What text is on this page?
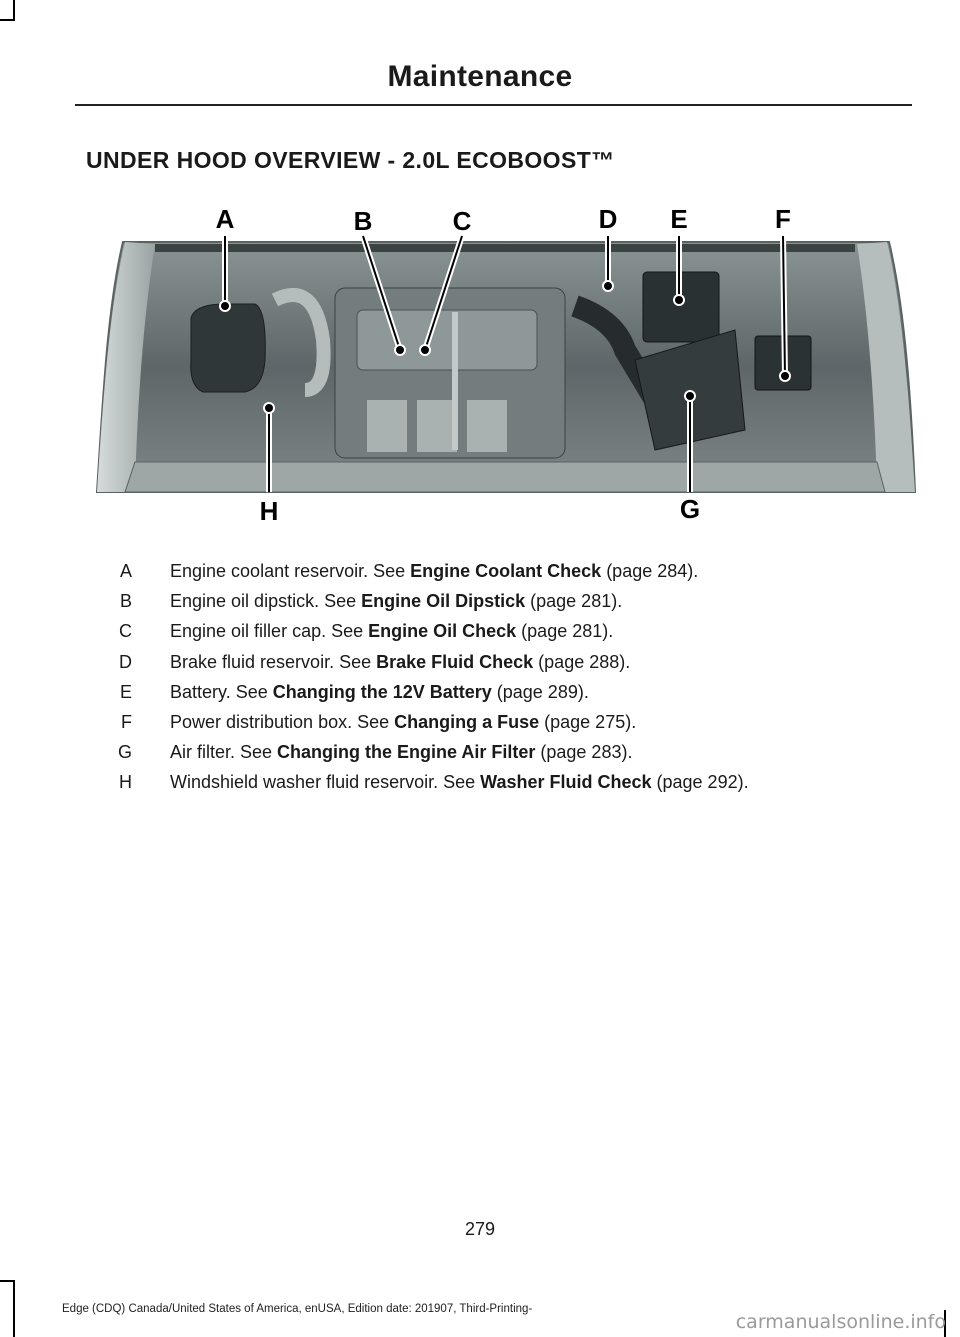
Maintenance
UNDER HOOD OVERVIEW - 2.0L ECOBOOST™
A	B	C	D E	F
G
H
A Engine coolant reservoir. See Engine Coolant Check (page 284).
B Engine oil dipstick. See Engine Oil Dipstick (page 281).
C Engine oil filler cap. See Engine Oil Check (page 281).
D Brake fluid reservoir. See Brake Fluid Check (page 288).
E Battery. See Changing the 12V Battery (page 289).
F Power distribution box. See Changing a Fuse (page 275).
G Air filter. See Changing the Engine Air Filter (page 283).
H Windshield washer fluid reservoir. See Washer Fluid Check (page 292).
279
Edge (CDQ) Canada/United States of America, enUSA, Edition date: 201907, Third-Printing-
carmanualsonline.info
